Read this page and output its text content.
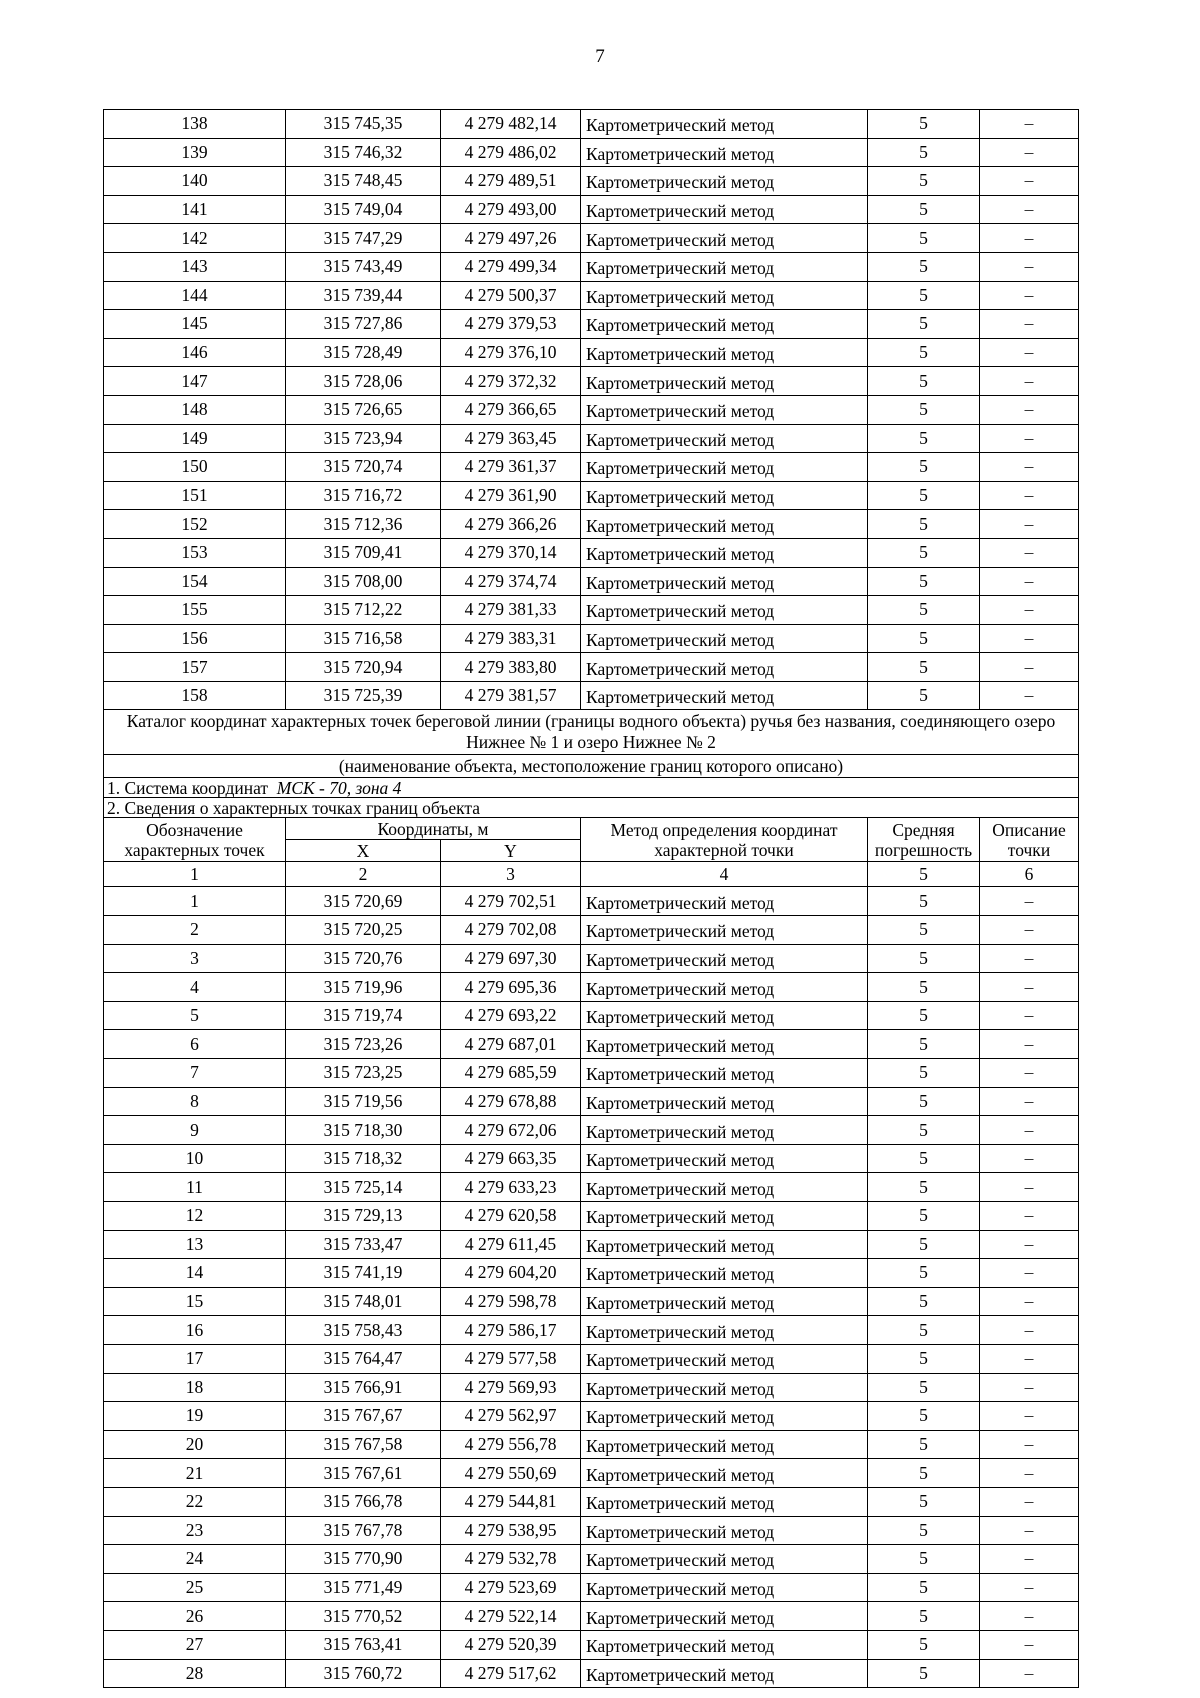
7
138	315 745,35	4 279 482,14	Картометрический метод	5	–
139	315 746,32	4 279 486,02	Картометрический метод	5	–
140	315 748,45	4 279 489,51	Картометрический метод	5	–
141	315 749,04	4 279 493,00	Картометрический метод	5	–
142	315 747,29	4 279 497,26	Картометрический метод	5	–
143	315 743,49	4 279 499,34	Картометрический метод	5	–
144	315 739,44	4 279 500,37	Картометрический метод	5	–
145	315 727,86	4 279 379,53	Картометрический метод	5	–
146	315 728,49	4 279 376,10	Картометрический метод	5	–
147	315 728,06	4 279 372,32	Картометрический метод	5	–
148	315 726,65	4 279 366,65	Картометрический метод	5	–
149	315 723,94	4 279 363,45	Картометрический метод	5	–
150	315 720,74	4 279 361,37	Картометрический метод	5	–
151	315 716,72	4 279 361,90	Картометрический метод	5	–
152	315 712,36	4 279 366,26	Картометрический метод	5	–
153	315 709,41	4 279 370,14	Картометрический метод	5	–
154	315 708,00	4 279 374,74	Картометрический метод	5	–
155	315 712,22	4 279 381,33	Картометрический метод	5	–
156	315 716,58	4 279 383,31	Картометрический метод	5	–
157	315 720,94	4 279 383,80	Картометрический метод	5	–
158	315 725,39	4 279 381,57	Картометрический метод	5	–
Каталог координат характерных точек береговой линии (границы водного объекта) ручья без названия, соединяющего озеро Нижнее № 1 и озеро Нижнее № 2					
(наименование объекта, местоположение границ которого описано)					
1. Система координат МСК - 70, зона 4					
2. Сведения о характерных точках границ объекта					
Обозначение характерных точек	Координаты, м		Метод определения координат характерной точки	Средняя погрешность	Описание точки
	X	Y			
1	2	3	4	5	6
1	315 720,69	4 279 702,51	Картометрический метод	5	–
2	315 720,25	4 279 702,08	Картометрический метод	5	–
3	315 720,76	4 279 697,30	Картометрический метод	5	–
4	315 719,96	4 279 695,36	Картометрический метод	5	–
5	315 719,74	4 279 693,22	Картометрический метод	5	–
6	315 723,26	4 279 687,01	Картометрический метод	5	–
7	315 723,25	4 279 685,59	Картометрический метод	5	–
8	315 719,56	4 279 678,88	Картометрический метод	5	–
9	315 718,30	4 279 672,06	Картометрический метод	5	–
10	315 718,32	4 279 663,35	Картометрический метод	5	–
11	315 725,14	4 279 633,23	Картометрический метод	5	–
12	315 729,13	4 279 620,58	Картометрический метод	5	–
13	315 733,47	4 279 611,45	Картометрический метод	5	–
14	315 741,19	4 279 604,20	Картометрический метод	5	–
15	315 748,01	4 279 598,78	Картометрический метод	5	–
16	315 758,43	4 279 586,17	Картометрический метод	5	–
17	315 764,47	4 279 577,58	Картометрический метод	5	–
18	315 766,91	4 279 569,93	Картометрический метод	5	–
19	315 767,67	4 279 562,97	Картометрический метод	5	–
20	315 767,58	4 279 556,78	Картометрический метод	5	–
21	315 767,61	4 279 550,69	Картометрический метод	5	–
22	315 766,78	4 279 544,81	Картометрический метод	5	–
23	315 767,78	4 279 538,95	Картометрический метод	5	–
24	315 770,90	4 279 532,78	Картометрический метод	5	–
25	315 771,49	4 279 523,69	Картометрический метод	5	–
26	315 770,52	4 279 522,14	Картометрический метод	5	–
27	315 763,41	4 279 520,39	Картометрический метод	5	–
28	315 760,72	4 279 517,62	Картометрический метод	5	–
